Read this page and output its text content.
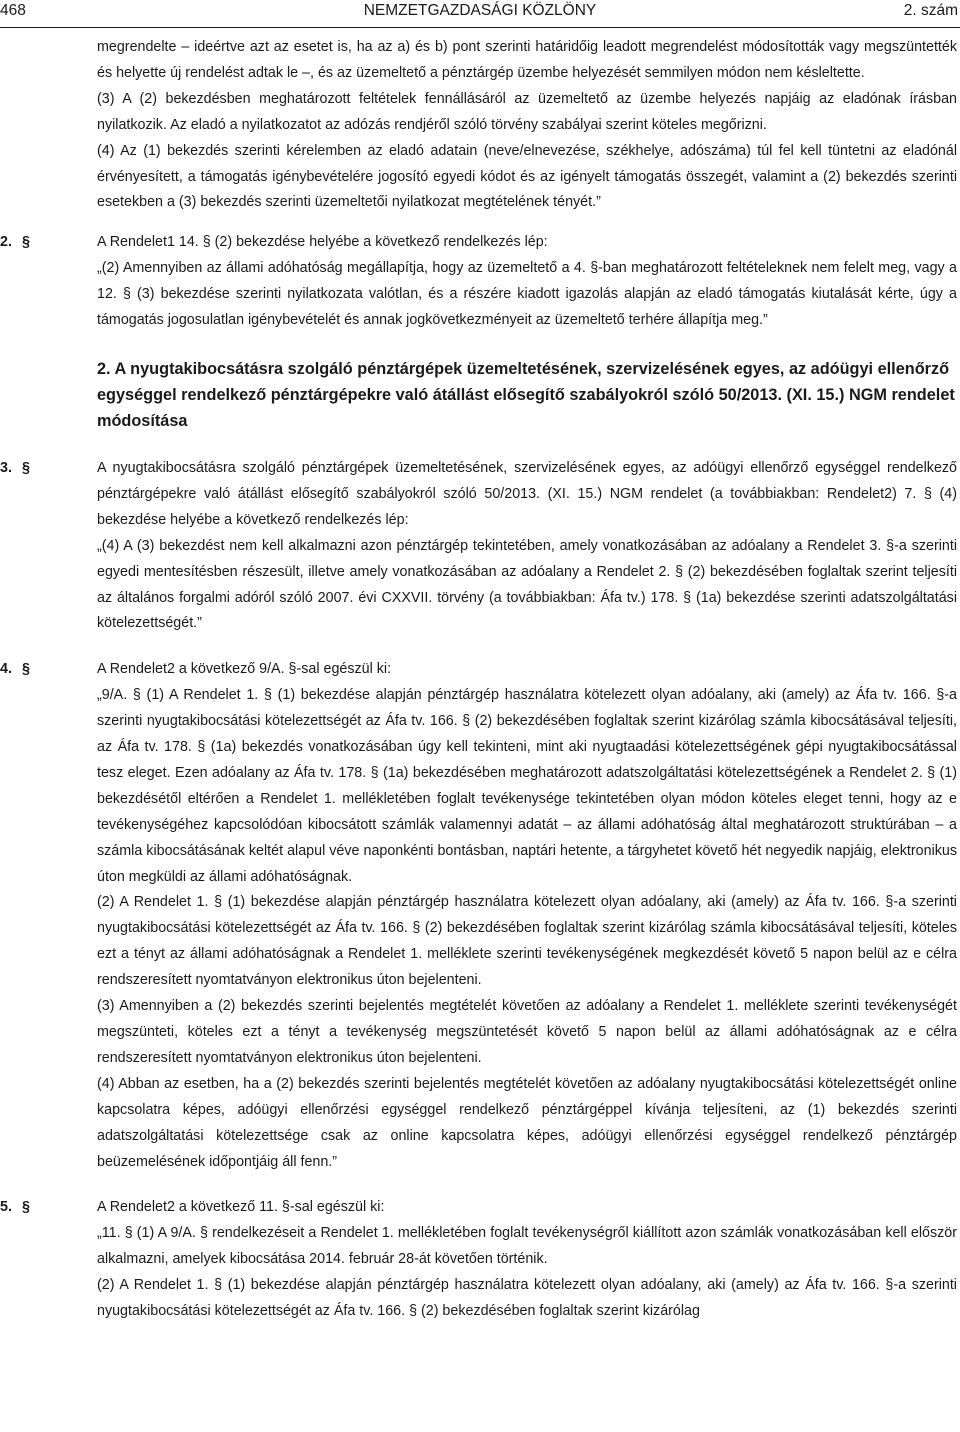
468	NEMZETGAZDASÁGI KÖZLÖNY	2. szám

megrendelte – ideértve azt az esetet is, ha az a) és b) pont szerinti határidőig leadott megrendelést módosították vagy megszüntették és helyette új rendelést adtak le –, és az üzemeltető a pénztárgép üzembe helyezését semmilyen módon nem késleltette.

(3) A (2) bekezdésben meghatározott feltételek fennállásáról az üzemeltető az üzembe helyezés napjáig az eladónak írásban nyilatkozik. Az eladó a nyilatkozatot az adózás rendjéről szóló törvény szabályai szerint köteles megőrizni.

(4) Az (1) bekezdés szerinti kérelemben az eladó adatain (neve/elnevezése, székhelye, adószáma) túl fel kell tüntetni az eladónál érvényesített, a támogatás igénybevételére jogosító egyedi kódot és az igényelt támogatás összegét, valamint a (2) bekezdés szerinti esetekben a (3) bekezdés szerinti üzemeltetői nyilatkozat megtételének tényét.”

2. §	A Rendelet1 14. § (2) bekezdése helyébe a következő rendelkezés lép:

„(2) Amennyiben az állami adóhatóság megállapítja, hogy az üzemeltető a 4. §-ban meghatározott feltételeknek nem felelt meg, vagy a 12. § (3) bekezdése szerinti nyilatkozata valótlan, és a részére kiadott igazolás alapján az eladó támogatás kiutalását kérte, úgy a támogatás jogosulatlan igénybevételét és annak jogkövetkezményeit az üzemeltető terhére állapítja meg.”

2. A nyugtakibocsátásra szolgáló pénztárgépek üzemeltetésének, szervizelésének egyes, az adóügyi ellenőrző egységgel rendelkező pénztárgépekre való átállást elősegítő szabályokról szóló 50/2013. (XI. 15.) NGM rendelet módosítása
3. §	A nyugtakibocsátásra szolgáló pénztárgépek üzemeltetésének, szervizelésének egyes, az adóügyi ellenőrző egységgel rendelkező pénztárgépekre való átállást elősegítő szabályokról szóló 50/2013. (XI. 15.) NGM rendelet (a továbbiakban: Rendelet2) 7. § (4) bekezdése helyébe a következő rendelkezés lép:

„(4) A (3) bekezdést nem kell alkalmazni azon pénztárgép tekintetében, amely vonatkozásában az adóalany a Rendelet 3. §-a szerinti egyedi mentesítésben részesült, illetve amely vonatkozásában az adóalany a Rendelet 2. § (2) bekezdésében foglaltak szerint teljesíti az általános forgalmi adóról szóló 2007. évi CXXVII. törvény (a továbbiakban: Áfa tv.) 178. § (1a) bekezdése szerinti adatszolgáltatási kötelezettségét.”

4. §	A Rendelet2 a következő 9/A. §-sal egészül ki:

„9/A. § (1) A Rendelet 1. § (1) bekezdése alapján pénztárgép használatra kötelezett olyan adóalany, aki (amely) az Áfa tv. 166. §-a szerinti nyugtakibocsátási kötelezettségét az Áfa tv. 166. § (2) bekezdésében foglaltak szerint kizárólag számla kibocsátásával teljesíti, az Áfa tv. 178. § (1a) bekezdés vonatkozásában úgy kell tekinteni, mint aki nyugtaadási kötelezettségének gépi nyugtakibocsátással tesz eleget. Ezen adóalany az Áfa tv. 178. § (1a) bekezdésében meghatározott adatszolgáltatási kötelezettségének a Rendelet 2. § (1) bekezdésétől eltérően a Rendelet 1. mellékletében foglalt tevékenysége tekintetében olyan módon köteles eleget tenni, hogy az e tevékenységéhez kapcsolódóan kibocsátott számlák valamennyi adatát – az állami adóhatóság által meghatározott struktúrában – a számla kibocsátásának keltét alapul véve naponkénti bontásban, naptári hetente, a tárgyhetet követő hét negyedik napjáig, elektronikus úton megküldi az állami adóhatóságnak.

(2) A Rendelet 1. § (1) bekezdése alapján pénztárgép használatra kötelezett olyan adóalany, aki (amely) az Áfa tv. 166. §-a szerinti nyugtakibocsátási kötelezettségét az Áfa tv. 166. § (2) bekezdésében foglaltak szerint kizárólag számla kibocsátásával teljesíti, köteles ezt a tényt az állami adóhatóságnak a Rendelet 1. melléklete szerinti tevékenységének megkezdését követő 5 napon belül az e célra rendszeresített nyomtatványon elektronikus úton bejelenteni.

(3) Amennyiben a (2) bekezdés szerinti bejelentés megtételét követően az adóalany a Rendelet 1. melléklete szerinti tevékenységét megszünteti, köteles ezt a tényt a tevékenység megszüntetését követő 5 napon belül az állami adóhatóságnak az e célra rendszeresített nyomtatványon elektronikus úton bejelenteni.

(4) Abban az esetben, ha a (2) bekezdés szerinti bejelentés megtételét követően az adóalany nyugtakibocsátási kötelezettségét online kapcsolatra képes, adóügyi ellenőrzési egységgel rendelkező pénztárgéppel kívánja teljesíteni, az (1) bekezdés szerinti adatszolgáltatási kötelezettsége csak az online kapcsolatra képes, adóügyi ellenőrzési egységgel rendelkező pénztárgép beüzemelésének időpontjáig áll fenn.”

5. §	A Rendelet2 a következő 11. §-sal egészül ki:

„11. § (1) A 9/A. § rendelkezéseit a Rendelet 1. mellékletében foglalt tevékenységről kiállított azon számlák vonatkozásában kell először alkalmazni, amelyek kibocsátása 2014. február 28-át követően történik.

(2) A Rendelet 1. § (1) bekezdése alapján pénztárgép használatra kötelezett olyan adóalany, aki (amely) az Áfa tv. 166. §-a szerinti nyugtakibocsátási kötelezettségét az Áfa tv. 166. § (2) bekezdésében foglaltak szerint kizárólag
